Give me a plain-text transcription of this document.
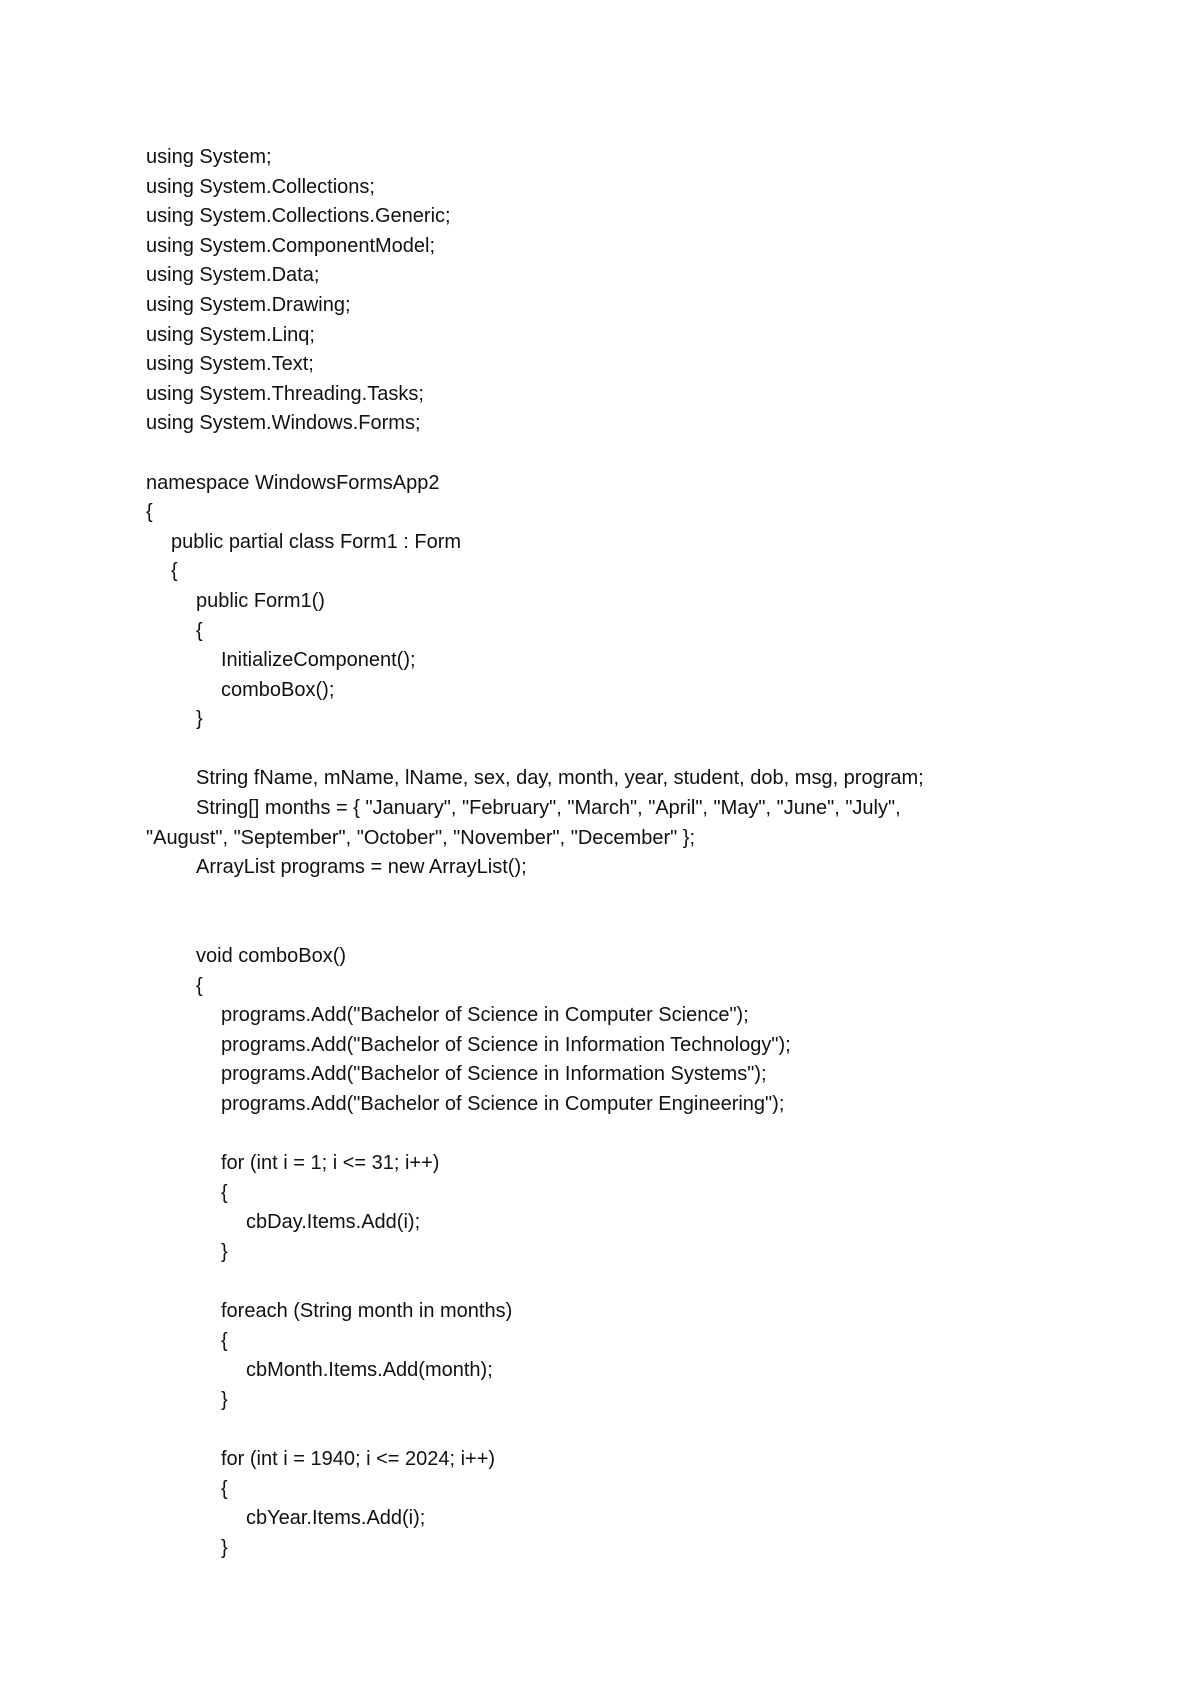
using System;
using System.Collections;
using System.Collections.Generic;
using System.ComponentModel;
using System.Data;
using System.Drawing;
using System.Linq;
using System.Text;
using System.Threading.Tasks;
using System.Windows.Forms;
namespace WindowsFormsApp2
{
public partial class Form1 : Form
{
public Form1()
{
InitializeComponent();
comboBox();
}
String fName, mName, lName, sex, day, month, year, student, dob, msg, program;
String[] months = { "January", "February", "March", "April", "May", "June", "July",
"August", "September", "October", "November", "December" };
ArrayList programs = new ArrayList();
void comboBox()
{
programs.Add("Bachelor of Science in Computer Science");
programs.Add("Bachelor of Science in Information Technology");
programs.Add("Bachelor of Science in Information Systems");
programs.Add("Bachelor of Science in Computer Engineering");
for (int i = 1; i <= 31; i++)
{
cbDay.Items.Add(i);
}
foreach (String month in months)
{
cbMonth.Items.Add(month);
}
for (int i = 1940; i <= 2024; i++)
{
cbYear.Items.Add(i);
}
